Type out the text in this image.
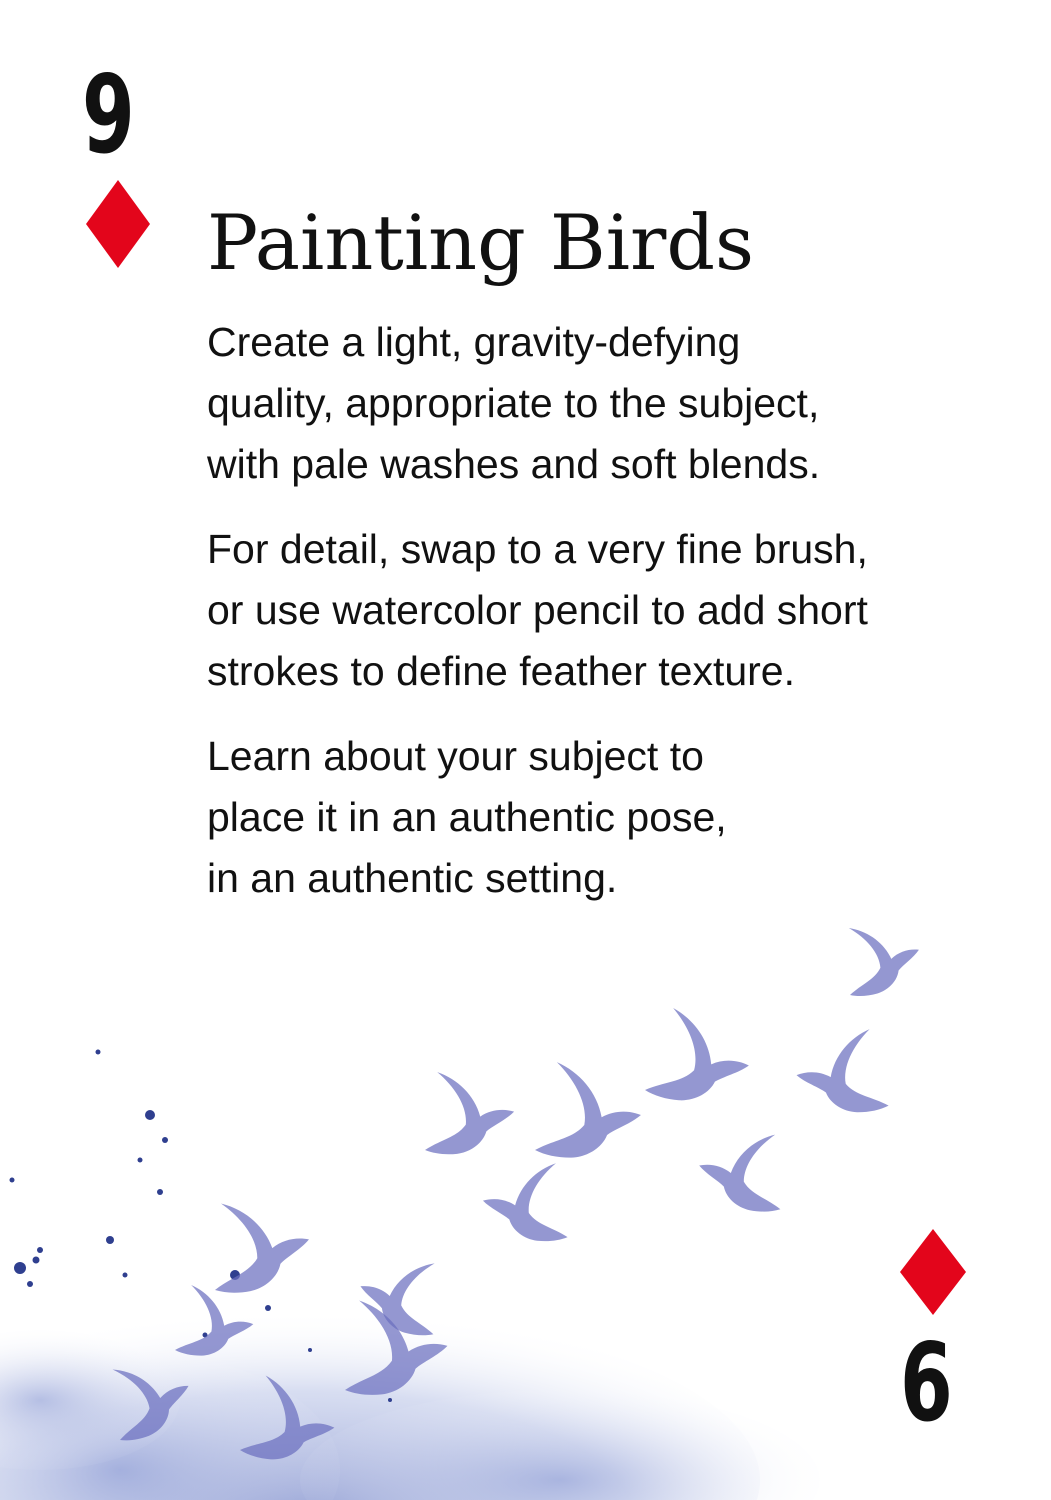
9
Painting Birds

Create a light, gravity-defying
quality, appropriate to the subject,
with pale washes and soft blends.

For detail, swap to a very fine brush,
or use watercolor pencil to add short
strokes to define feather texture.

Learn about your subject to
place it in an authentic pose,
in an authentic setting.

6
